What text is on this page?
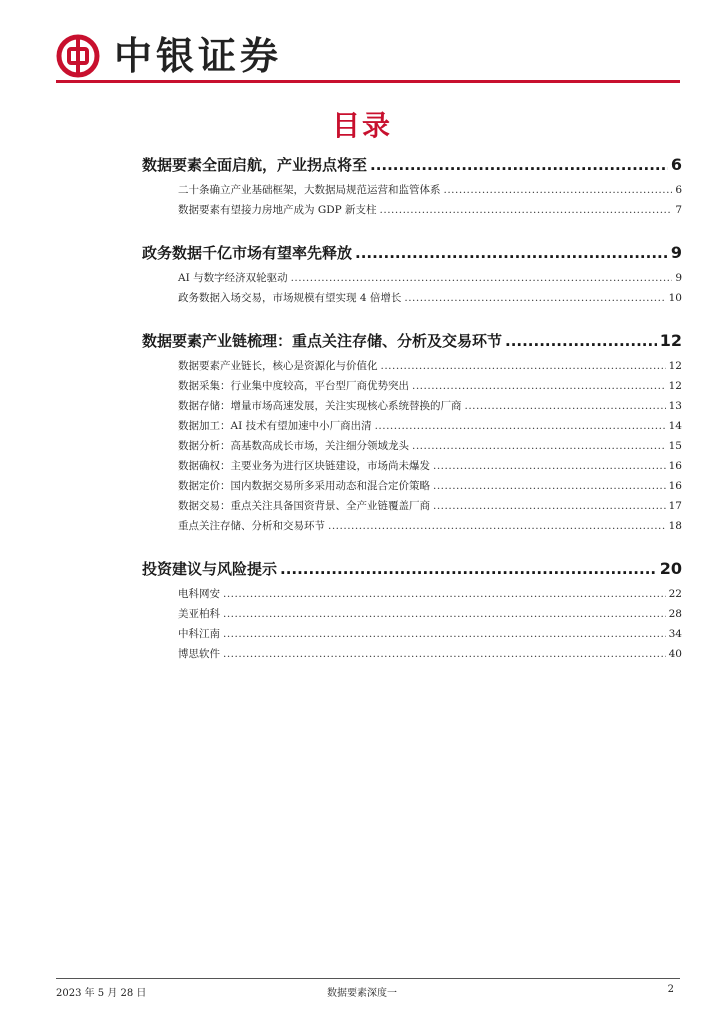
中银证券
目录
数据要素全面启航，产业拐点将至 .....	6
二十条确立产业基础框架，大数据局规范运营和监管体系 .....	6
数据要素有望接力房地产成为 GDP 新支柱 .....	7
政务数据千亿市场有望率先释放 .....	9
AI 与数字经济双轮驱动 .....	9
政务数据入场交易，市场规模有望实现 4 倍增长 .....	10
数据要素产业链梳理：重点关注存储、分析及交易环节 .....	12
数据要素产业链长，核心是资源化与价值化 .....	12
数据采集：行业集中度较高，平台型厂商优势突出 .....	12
数据存储：增量市场高速发展，关注实现核心系统替换的厂商 .....	13
数据加工：AI 技术有望加速中小厂商出清 .....	14
数据分析：高基数高成长市场，关注细分领域龙头 .....	15
数据确权：主要业务为进行区块链建设，市场尚未爆发 .....	16
数据定价：国内数据交易所多采用动态和混合定价策略 .....	16
数据交易：重点关注具备国资背景、全产业链覆盖厂商 .....	17
重点关注存储、分析和交易环节 .....	18
投资建议与风险提示 .....	20
电科网安 .....	22
美亚柏科 .....	28
中科江南 .....	34
博思软件 .....	40
2023 年 5 月 28 日	数据要素深度一	2
